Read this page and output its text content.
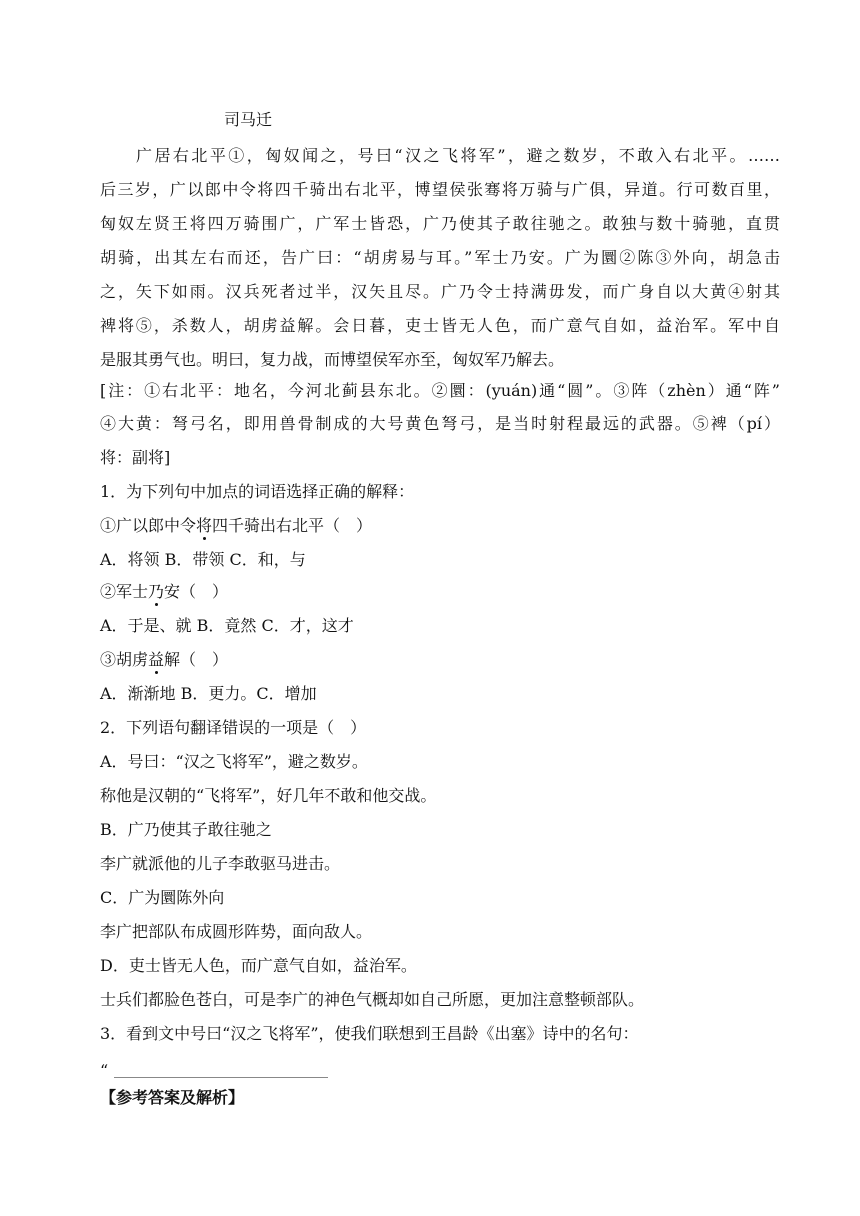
司马迁
广居右北平①，匈奴闻之，号曰“汉之飞将军”，避之数岁，不敢入右北平。……
后三岁，广以郎中令将四千骑出右北平，博望侯张骞将万骑与广俱，异道。行可数百里，
匈奴左贤王将四万骑围广，广军士皆恐，广乃使其子敢往驰之。敢独与数十骑驰，直贯
胡骑，出其左右而还，告广曰：“胡虏易与耳。”军士乃安。广为圜②陈③外向，胡急击
之，矢下如雨。汉兵死者过半，汉矢且尽。广乃令士持满毋发，而广身自以大黄④射其
裨将⑤，杀数人，胡虏益解。会日暮，吏士皆无人色，而广意气自如，益治军。军中自
是服其勇气也。明曰，复力战，而博望侯军亦至，匈奴军乃解去。
[注：①右北平：地名，今河北蓟县东北。②圜：(yuán)通“圆”。③阵（zhèn）通“阵”
④大黄：弩弓名，即用兽骨制成的大号黄色弩弓，是当时射程最远的武器。⑤裨（pí）
将：副将]
1．为下列句中加点的词语选择正确的解释：
①广以郎中令将四千骑出右北平（　）
A．将领 B．带领 C．和，与
②军士乃安（　）
A．于是、就 B．竟然 C．才，这才
③胡虏益解（　）
A．渐渐地 B．更力。C．增加
2．下列语句翻译错误的一项是（　）
A．号曰：“汉之飞将军”，避之数岁。
称他是汉朝的“飞将军”，好几年不敢和他交战。
B．广乃使其子敢往驰之
李广就派他的儿子李敢驱马进击。
C．广为圜陈外向
李广把部队布成圆形阵势，面向敌人。
D．吏士皆无人色，而广意气自如，益治军。
士兵们都脸色苍白，可是李广的神色气概却如自己所愿，更加注意整顿部队。
3．看到文中号曰“汉之飞将军”，使我们联想到王昌龄《出塞》诗中的名句：
“
【参考答案及解析】
